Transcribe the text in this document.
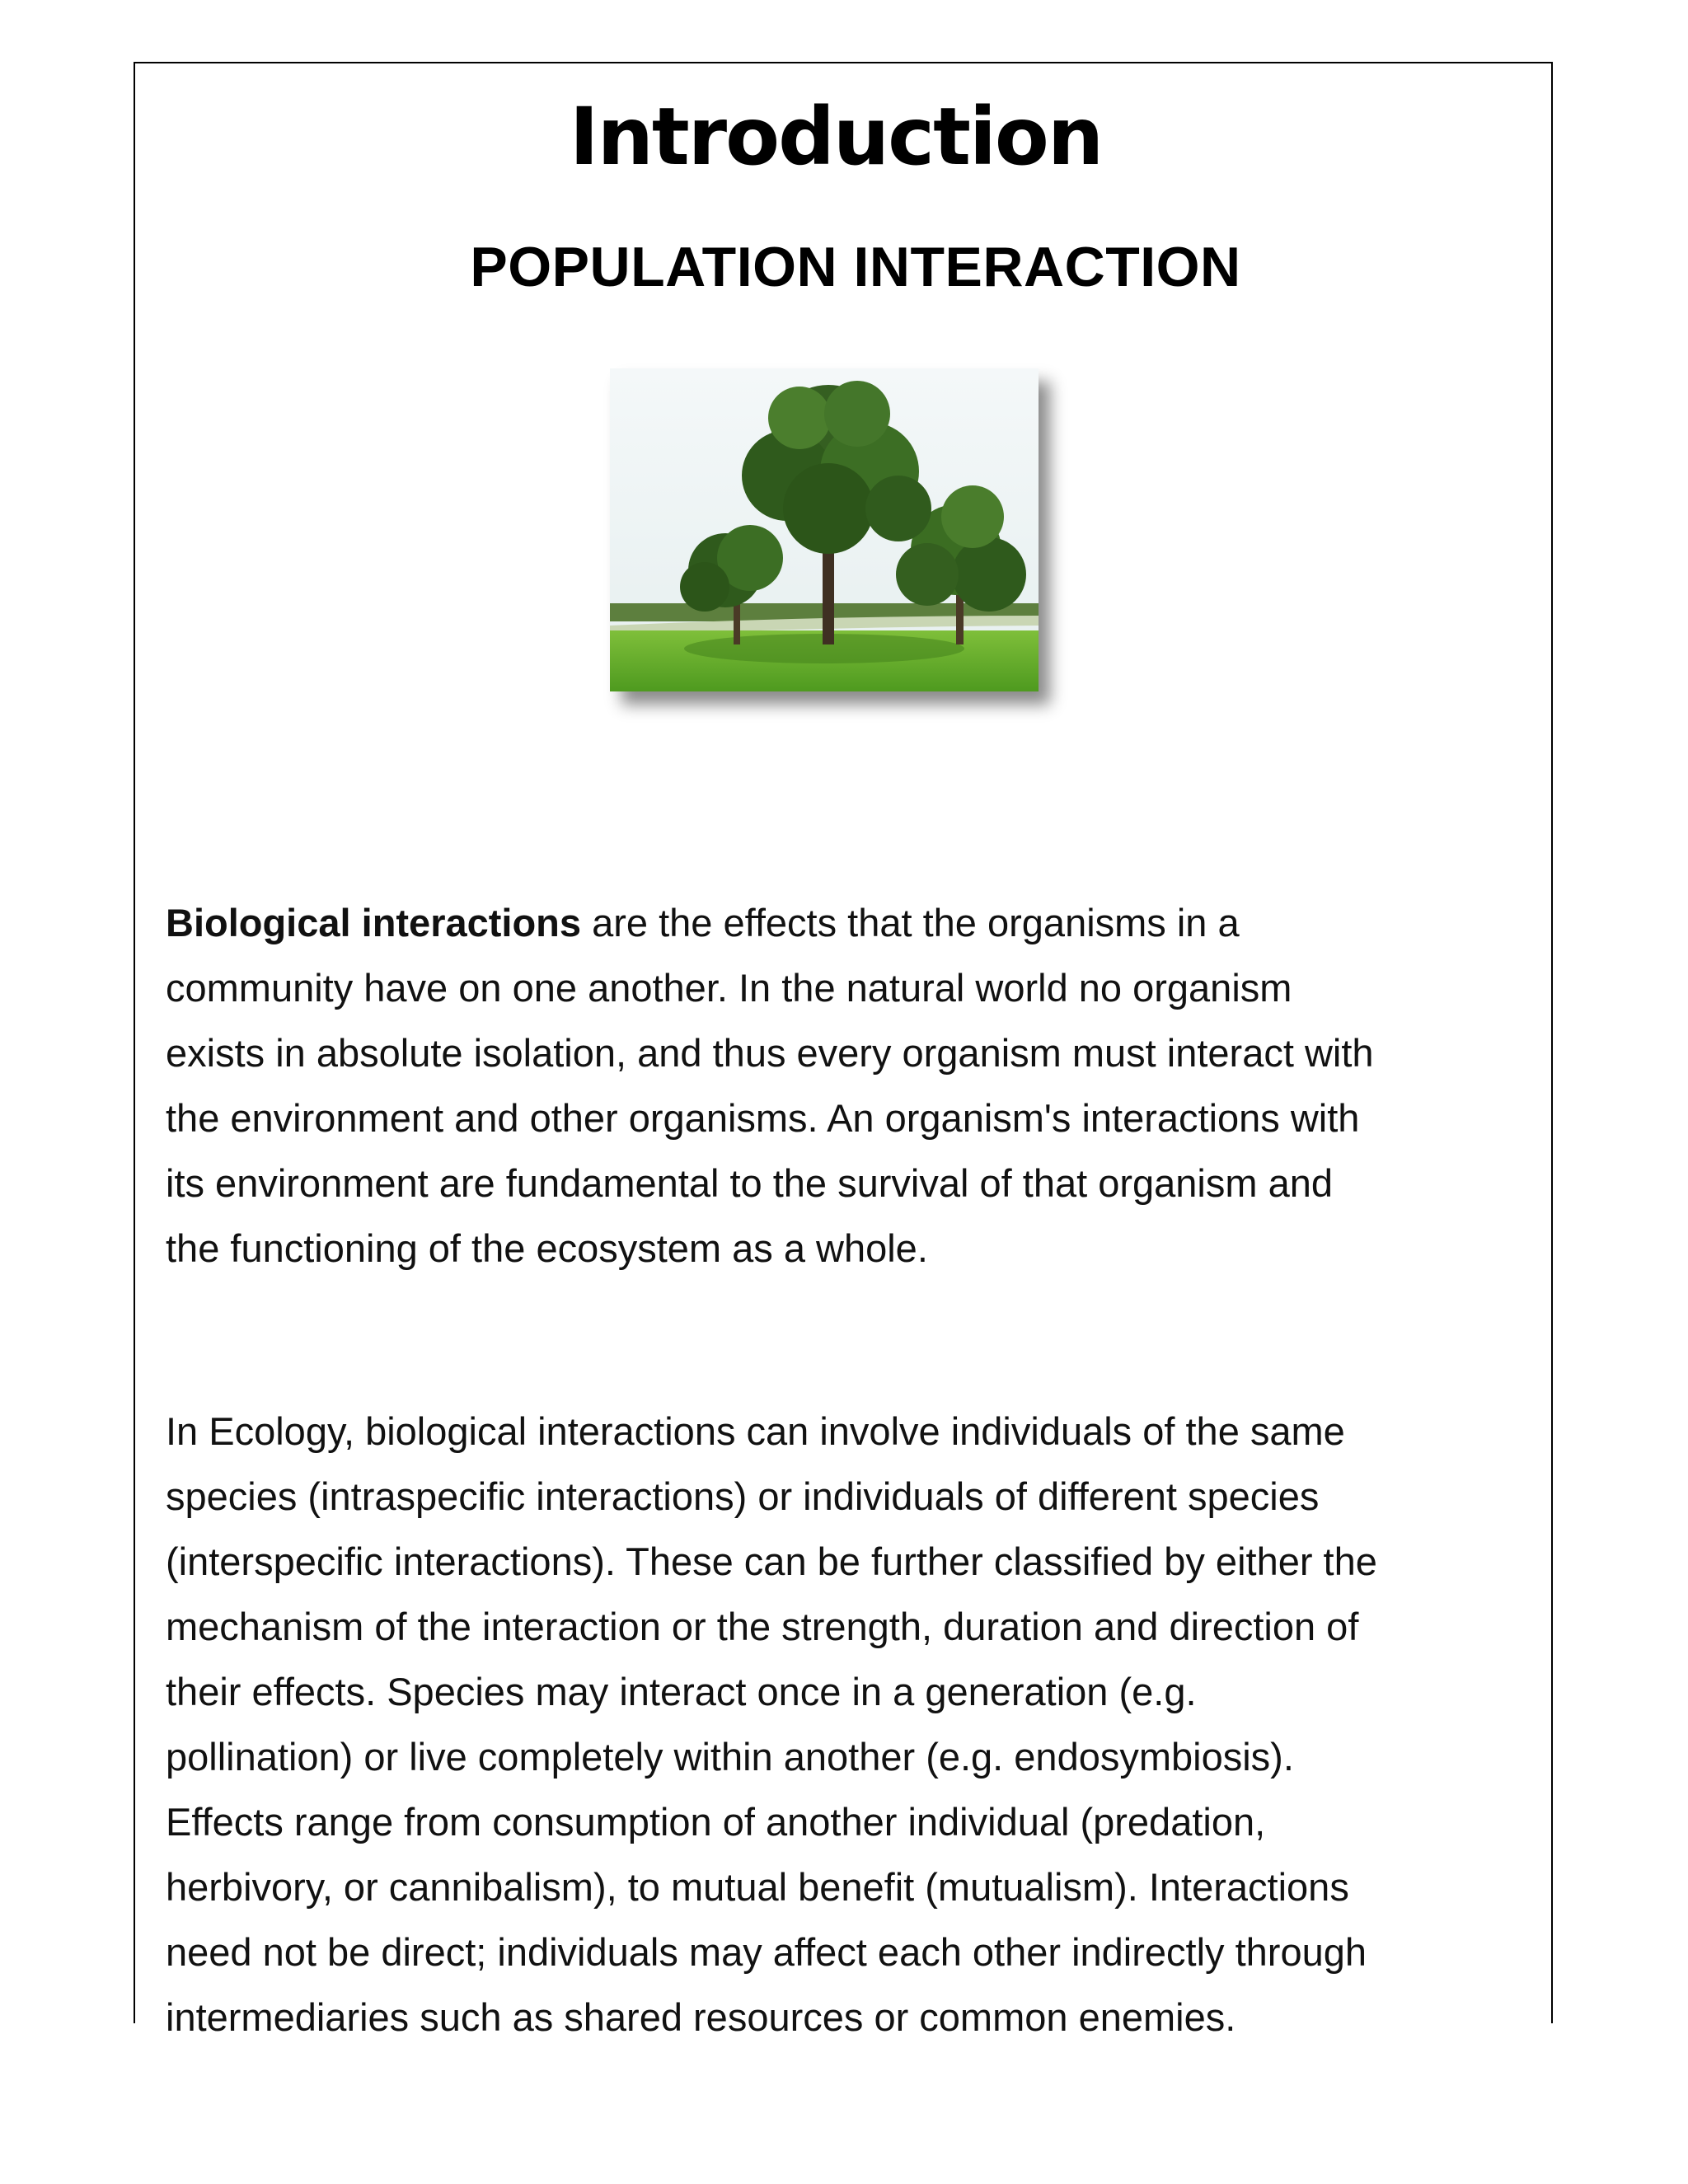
Introduction
POPULATION INTERACTION
Biological interactions are the effects that the organisms in a
community have on one another. In the natural world no organism
exists in absolute isolation, and thus every organism must interact with
the environment and other organisms. An organism's interactions with
its environment are fundamental to the survival of that organism and
the functioning of the ecosystem as a whole.
In Ecology, biological interactions can involve individuals of the same
species (intraspecific interactions) or individuals of different species
(interspecific interactions). These can be further classified by either the
mechanism of the interaction or the strength, duration and direction of
their effects. Species may interact once in a generation (e.g.
pollination) or live completely within another (e.g. endosymbiosis).
Effects range from consumption of another individual (predation,
herbivory, or cannibalism), to mutual benefit (mutualism). Interactions
need not be direct; individuals may affect each other indirectly through
intermediaries such as shared resources or common enemies.
